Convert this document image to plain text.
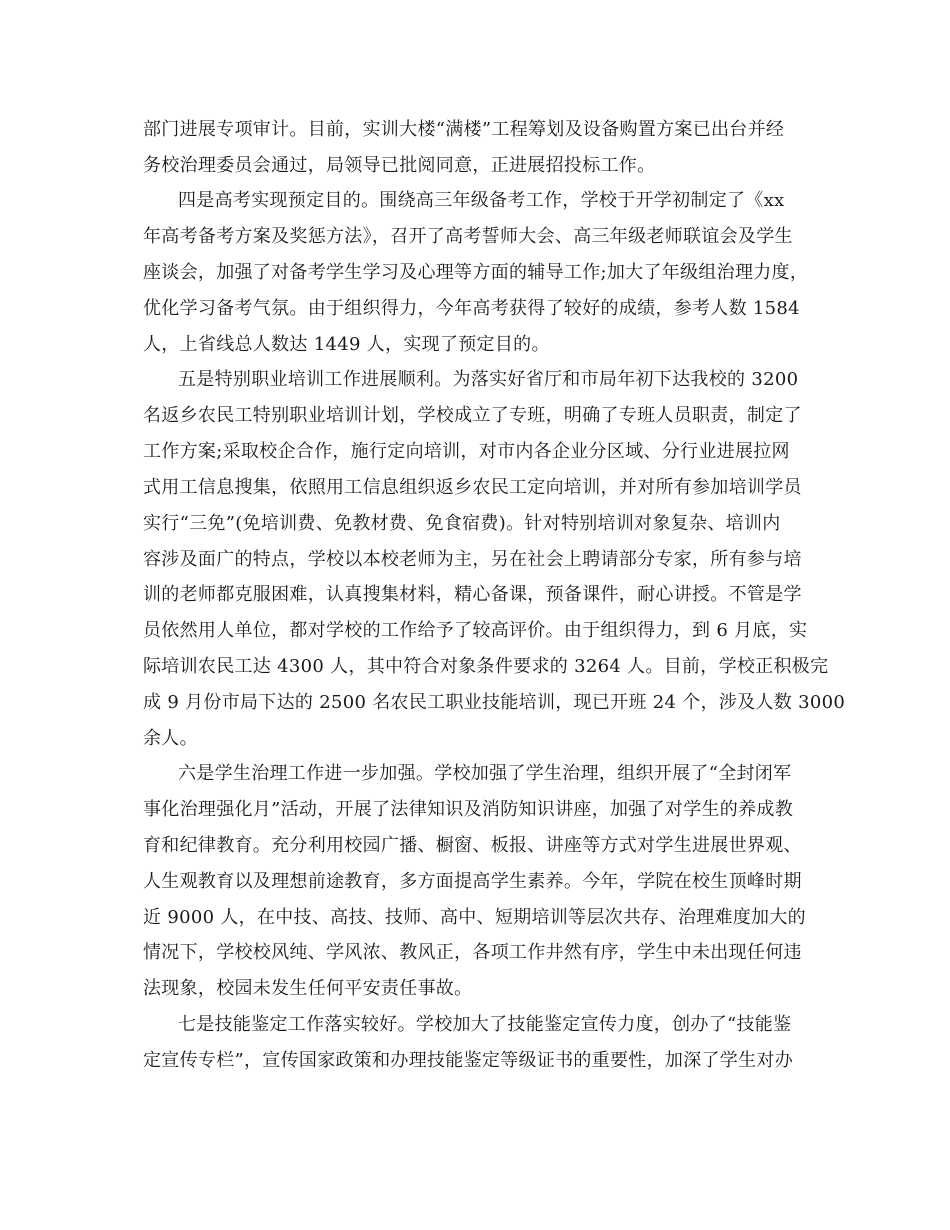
部门进展专项审计。目前，实训大楼“满楼”工程筹划及设备购置方案已出台并经
务校治理委员会通过，局领导已批阅同意，正进展招投标工作。
四是高考实现预定目的。围绕高三年级备考工作，学校于开学初制定了《xx
年高考备考方案及奖惩方法》，召开了高考誓师大会、高三年级老师联谊会及学生
座谈会，加强了对备考学生学习及心理等方面的辅导工作;加大了年级组治理力度，
优化学习备考气氛。由于组织得力，今年高考获得了较好的成绩，参考人数 1584
人，上省线总人数达 1449 人，实现了预定目的。
五是特别职业培训工作进展顺利。为落实好省厅和市局年初下达我校的 3200
名返乡农民工特别职业培训计划，学校成立了专班，明确了专班人员职责，制定了
工作方案;采取校企合作，施行定向培训，对市内各企业分区域、分行业进展拉网
式用工信息搜集，依照用工信息组织返乡农民工定向培训，并对所有参加培训学员
实行“三免”(免培训费、免教材费、免食宿费)。针对特别培训对象复杂、培训内
容涉及面广的特点，学校以本校老师为主，另在社会上聘请部分专家，所有参与培
训的老师都克服困难，认真搜集材料，精心备课，预备课件，耐心讲授。不管是学
员依然用人单位，都对学校的工作给予了较高评价。由于组织得力，到 6 月底，实
际培训农民工达 4300 人，其中符合对象条件要求的 3264 人。目前，学校正积极完
成 9 月份市局下达的 2500 名农民工职业技能培训，现已开班 24 个，涉及人数 3000
余人。
六是学生治理工作进一步加强。学校加强了学生治理，组织开展了“全封闭军
事化治理强化月”活动，开展了法律知识及消防知识讲座，加强了对学生的养成教
育和纪律教育。充分利用校园广播、橱窗、板报、讲座等方式对学生进展世界观、
人生观教育以及理想前途教育，多方面提高学生素养。今年，学院在校生顶峰时期
近 9000 人，在中技、高技、技师、高中、短期培训等层次共存、治理难度加大的
情况下，学校校风纯、学风浓、教风正，各项工作井然有序，学生中未出现任何违
法现象，校园未发生任何平安责任事故。
七是技能鉴定工作落实较好。学校加大了技能鉴定宣传力度，创办了“技能鉴
定宣传专栏”，宣传国家政策和办理技能鉴定等级证书的重要性，加深了学生对办
